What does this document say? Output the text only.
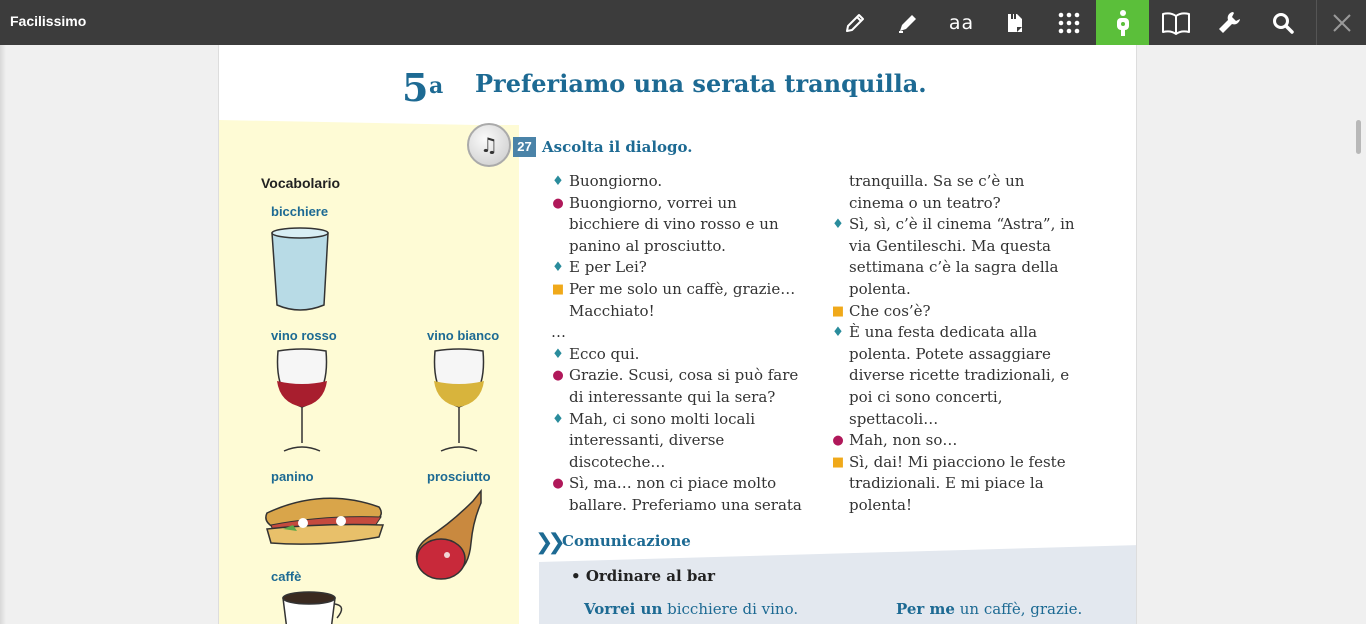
Facilissimo	aa
5 a Preferiamo una serata tranquilla.
Vocabolario
bicchiere
vino rosso	vino bianco
panino	prosciutto
caffè
♫	27 Ascolta il dialogo.
♦ Buongiorno.
● Buongiorno, vorrei un
bicchiere di vino rosso e un
panino al prosciutto.
♦ E per Lei?
■ Per me solo un caffè, grazie…
Macchiato!
…
♦ Ecco qui.
● Grazie. Scusi, cosa si può fare
di interessante qui la sera?
♦ Mah, ci sono molti locali
interessanti, diverse
discoteche…
● Sì, ma… non ci piace molto
ballare. Preferiamo una serata
tranquilla. Sa se c’è un
cinema o un teatro?
♦ Sì, sì, c’è il cinema “Astra”, in
via Gentileschi. Ma questa
settimana c’è la sagra della
polenta.
■ Che cos’è?
♦ È una festa dedicata alla
polenta. Potete assaggiare
diverse ricette tradizionali, e
poi ci sono concerti,
spettacoli…
● Mah, non so…
■ Sì, dai! Mi piacciono le feste
tradizionali. E mi piace la
polenta!
❯❯ Comunicazione
• Ordinare al bar
Vorrei un bicchiere di vino.	Per me un caffè, grazie.
